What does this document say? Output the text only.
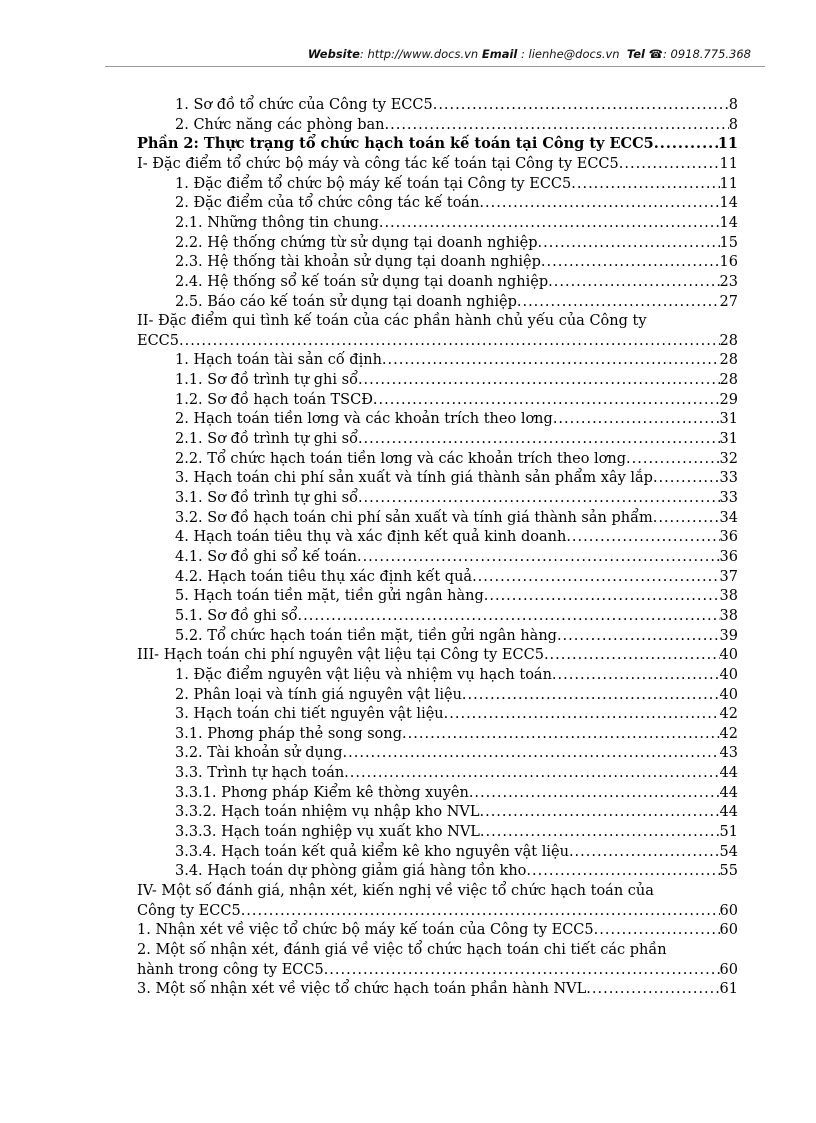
Website: http://www.docs.vn Email : lienhe@docs.vn Tel ☎: 0918.775.368
1. Sơ đồ tổ chức của Công ty ECC5 .....	8
2. Chức năng các phòng ban .....	8
Phần 2: Thực trạng tổ chức hạch toán kế toán tại Công ty ECC5 .....	11
I- Đặc điểm tổ chức bộ máy và công tác kế toán tại Công ty ECC5 .....	11
1. Đặc điểm tổ chức bộ máy kế toán tại Công ty ECC5 .....	11
2. Đặc điểm của tổ chức công tác kế toán .....	14
2.1. Những thông tin chung .....	14
2.2. Hệ thống chứng từ sử dụng tại doanh nghiệp .....	15
2.3. Hệ thống tài khoản sử dụng tại doanh nghiệp .....	16
2.4. Hệ thống sổ kế toán sử dụng tại doanh nghiệp .....	23
2.5. Báo cáo kế toán sử dụng tại doanh nghiệp .....	27
II- Đặc điểm qui tình kế toán của các phần hành chủ yếu của Công ty
ECC5 .....	28
1. Hạch toán tài sản cố định .....	28
1.1. Sơ đồ trình tự ghi sổ .....	28
1.2. Sơ đồ hạch toán TSCĐ .....	29
2. Hạch toán tiền lơng và các khoản trích theo lơng .....	31
2.1. Sơ đồ trình tự ghi sổ .....	31
2.2. Tổ chức hạch toán tiền lơng và các khoản trích theo lơng .....	32
3. Hạch toán chi phí sản xuất và tính giá thành sản phẩm xây lắp .....	33
3.1. Sơ đồ trình tự ghi sổ .....	33
3.2. Sơ đồ hạch toán chi phí sản xuất và tính giá thành sản phẩm .....	34
4. Hạch toán tiêu thụ và xác định kết quả kinh doanh .....	36
4.1. Sơ đồ ghi sổ kế toán .....	36
4.2. Hạch toán tiêu thụ xác định kết quả .....	37
5. Hạch toán tiền mặt, tiền gửi ngân hàng .....	38
5.1. Sơ đồ ghi sổ .....	38
5.2. Tổ chức hạch toán tiền mặt, tiền gửi ngân hàng .....	39
III- Hạch toán chi phí nguyên vật liệu tại Công ty ECC5 .....	40
1. Đặc điểm nguyên vật liệu và nhiệm vụ hạch toán .....	40
2. Phân loại và tính giá nguyên vật liệu .....	40
3. Hạch toán chi tiết nguyên vật liệu .....	42
3.1. Phơng pháp thẻ song song .....	42
3.2. Tài khoản sử dụng .....	43
3.3. Trình tự hạch toán .....	44
3.3.1. Phơng pháp Kiểm kê thờng xuyên .....	44
3.3.2. Hạch toán nhiệm vụ nhập kho NVL .....	44
3.3.3. Hạch toán nghiệp vụ xuất kho NVL .....	51
3.3.4. Hạch toán kết quả kiểm kê kho nguyên vật liệu .....	54
3.4. Hạch toán dự phòng giảm giá hàng tồn kho .....	55
IV- Một số đánh giá, nhận xét, kiến nghị về việc tổ chức hạch toán của
Công ty ECC5 .....	60
1. Nhận xét về việc tổ chức bộ máy kế toán của Công ty ECC5 .....	60
2. Một số nhận xét, đánh giá về việc tổ chức hạch toán chi tiết các phần
hành trong công ty ECC5 .....	60
3. Một số nhận xét về việc tổ chức hạch toán phần hành NVL .....	61
